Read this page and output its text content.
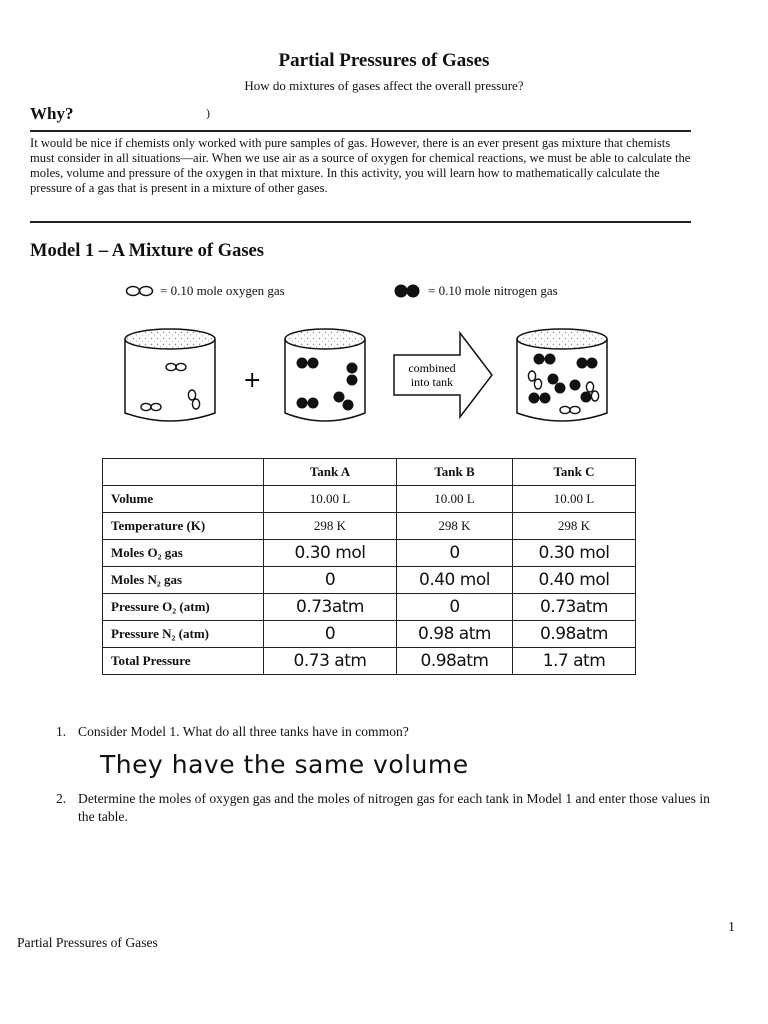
Partial Pressures of Gases
How do mixtures of gases affect the overall pressure?
Why?	)

It would be nice if chemists only worked with pure samples of gas. However, there is an ever present gas mixture that chemists must consider in all situations—air. When we use air as a source of oxygen for chemical reactions, we must be able to calculate the moles, volume and pressure of the oxygen in that mixture. In this activity, you will learn how to mathematically calculate the pressure of a gas that is present in a mixture of other gases.

Model 1 – A Mixture of Gases
= 0.10 mole oxygen gas	= 0.10 mole nitrogen gas
+	combined
into tank
	Tank A	Tank B	Tank C
Volume	10.00 L	10.00 L	10.00 L
Temperature (K)	298 K	298 K	298 K
Moles O₂ gas	0.30 mol	0	0.30 mol
Moles N₂ gas	0	0.40 mol	0.40 mol
Pressure O₂ (atm)	0.73atm	0	0.73atm
Pressure N₂ (atm)	0	0.98 atm	0.98atm
Total Pressure	0.73 atm	0.98atm	1.7 atm
1. Consider Model 1. What do all three tanks have in common?
They have the same volume
2. Determine the moles of oxygen gas and the moles of nitrogen gas for each tank in Model 1 and enter those values in the table.
1
Partial Pressures of Gases
